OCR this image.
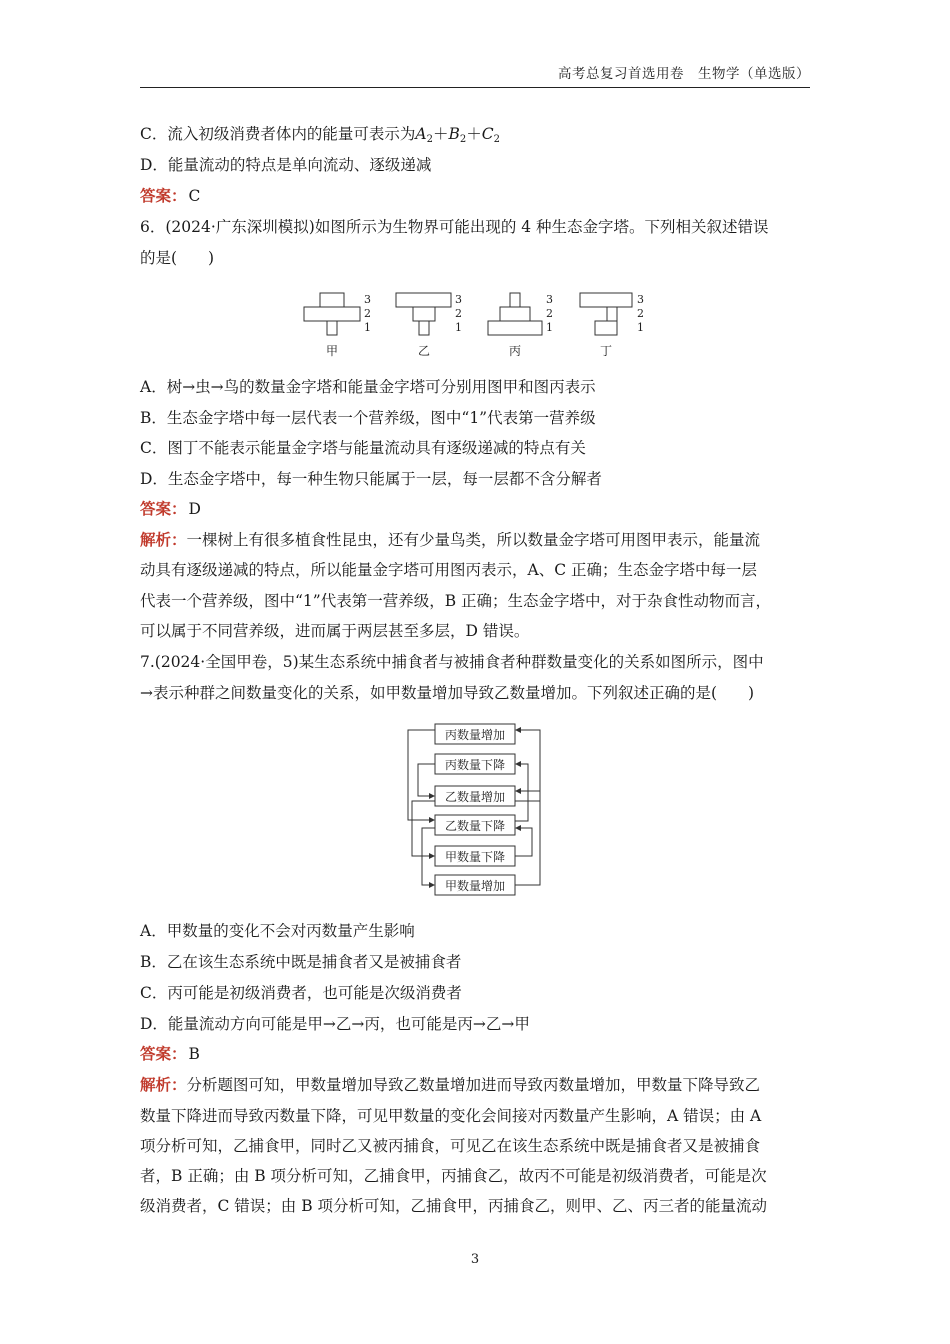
高考总复习首选用卷　生物学（单选版）
C．流入初级消费者体内的能量可表示为$A_2+B_2+C_2$
D．能量流动的特点是单向流动、逐级递减
答案： C
6．(2024·广东深圳模拟)如图所示为生物界可能出现的 4 种生态金字塔。下列相关叙述错误
的是(　　)
3
2
1
3
2
1
3
2
1
3
2
1
甲	乙	丙	丁
A．树→虫→鸟的数量金字塔和能量金字塔可分别用图甲和图丙表示
B．生态金字塔中每一层代表一个营养级，图中“1”代表第一营养级
C．图丁不能表示能量金字塔与能量流动具有逐级递减的特点有关
D．生态金字塔中，每一种生物只能属于一层，每一层都不含分解者
答案： D
解析：一棵树上有很多植食性昆虫，还有少量鸟类，所以数量金字塔可用图甲表示，能量流
动具有逐级递减的特点，所以能量金字塔可用图丙表示，A、C 正确；生态金字塔中每一层
代表一个营养级，图中“1”代表第一营养级，B 正确；生态金字塔中，对于杂食性动物而言，
可以属于不同营养级，进而属于两层甚至多层，D 错误。
7.(2024·全国甲卷，5)某生态系统中捕食者与被捕食者种群数量变化的关系如图所示，图中
→表示种群之间数量变化的关系，如甲数量增加导致乙数量增加。下列叙述正确的是(　　)
丙数量增加
丙数量下降
乙数量增加
乙数量下降
甲数量下降
甲数量增加
A．甲数量的变化不会对丙数量产生影响
B．乙在该生态系统中既是捕食者又是被捕食者
C．丙可能是初级消费者，也可能是次级消费者
D．能量流动方向可能是甲→乙→丙，也可能是丙→乙→甲
答案： B
解析：分析题图可知，甲数量增加导致乙数量增加进而导致丙数量增加，甲数量下降导致乙
数量下降进而导致丙数量下降，可见甲数量的变化会间接对丙数量产生影响，A 错误；由 A
项分析可知，乙捕食甲，同时乙又被丙捕食，可见乙在该生态系统中既是捕食者又是被捕食
者，B 正确；由 B 项分析可知，乙捕食甲，丙捕食乙，故丙不可能是初级消费者，可能是次
级消费者，C 错误；由 B 项分析可知，乙捕食甲，丙捕食乙，则甲、乙、丙三者的能量流动
3
